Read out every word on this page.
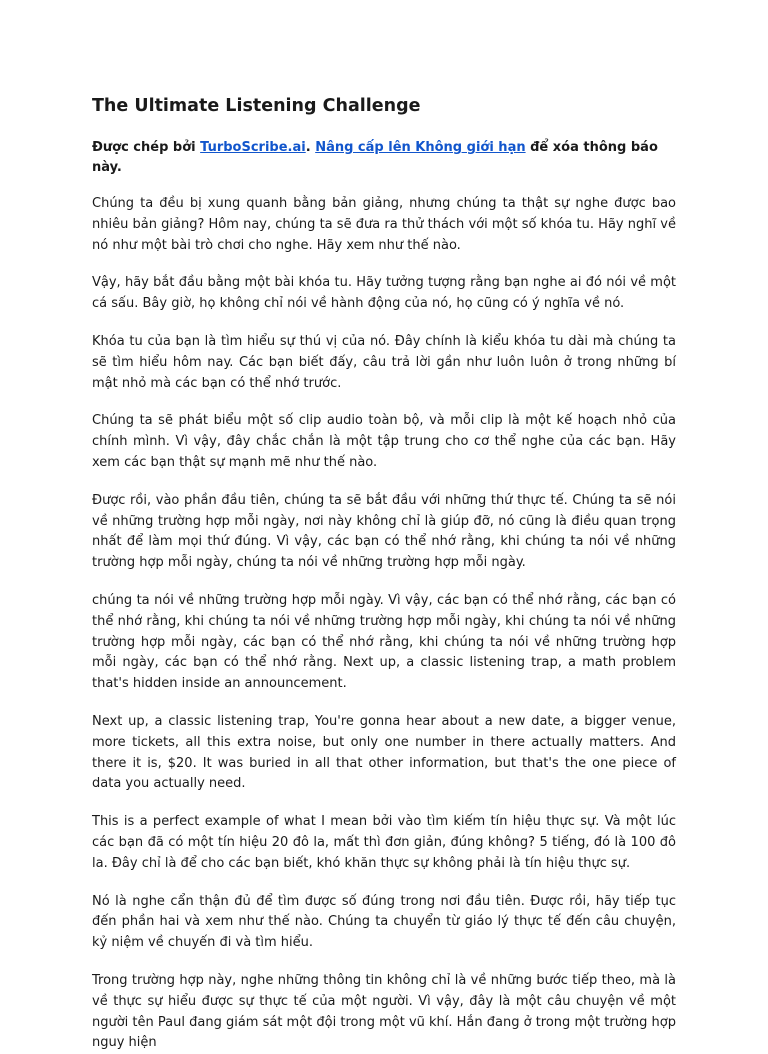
The Ultimate Listening Challenge

Được chép bởi TurboScribe.ai. Nâng cấp lên Không giới hạn để xóa thông báo này.

Chúng ta đều bị xung quanh bằng bản giảng, nhưng chúng ta thật sự nghe được bao nhiêu bản giảng? Hôm nay, chúng ta sẽ đưa ra thử thách với một số khóa tu. Hãy nghĩ về nó như một bài trò chơi cho nghe. Hãy xem như thế nào.

Vậy, hãy bắt đầu bằng một bài khóa tu. Hãy tưởng tượng rằng bạn nghe ai đó nói về một cá sấu. Bây giờ, họ không chỉ nói về hành động của nó, họ cũng có ý nghĩa về nó.

Khóa tu của bạn là tìm hiểu sự thú vị của nó. Đây chính là kiểu khóa tu dài mà chúng ta sẽ tìm hiểu hôm nay. Các bạn biết đấy, câu trả lời gần như luôn luôn ở trong những bí mật nhỏ mà các bạn có thể nhớ trước.

Chúng ta sẽ phát biểu một số clip audio toàn bộ, và mỗi clip là một kế hoạch nhỏ của chính mình. Vì vậy, đây chắc chắn là một tập trung cho cơ thể nghe của các bạn. Hãy xem các bạn thật sự mạnh mẽ như thế nào.

Được rồi, vào phần đầu tiên, chúng ta sẽ bắt đầu với những thứ thực tế. Chúng ta sẽ nói về những trường hợp mỗi ngày, nơi này không chỉ là giúp đỡ, nó cũng là điều quan trọng nhất để làm mọi thứ đúng. Vì vậy, các bạn có thể nhớ rằng, khi chúng ta nói về những trường hợp mỗi ngày, chúng ta nói về những trường hợp mỗi ngày.

chúng ta nói về những trường hợp mỗi ngày. Vì vậy, các bạn có thể nhớ rằng, các bạn có thể nhớ rằng, khi chúng ta nói về những trường hợp mỗi ngày, khi chúng ta nói về những trường hợp mỗi ngày, các bạn có thể nhớ rằng, khi chúng ta nói về những trường hợp mỗi ngày, các bạn có thể nhớ rằng. Next up, a classic listening trap, a math problem that's hidden inside an announcement.

Next up, a classic listening trap, You're gonna hear about a new date, a bigger venue, more tickets, all this extra noise, but only one number in there actually matters. And there it is, $20. It was buried in all that other information, but that's the one piece of data you actually need.

This is a perfect example of what I mean bởi vào tìm kiếm tín hiệu thực sự. Và một lúc các bạn đã có một tín hiệu 20 đô la, mất thì đơn giản, đúng không? 5 tiếng, đó là 100 đô la. Đây chỉ là để cho các bạn biết, khó khăn thực sự không phải là tín hiệu thực sự.

Nó là nghe cẩn thận đủ để tìm được số đúng trong nơi đầu tiên. Được rồi, hãy tiếp tục đến phần hai và xem như thế nào. Chúng ta chuyển từ giáo lý thực tế đến câu chuyện, kỷ niệm về chuyến đi và tìm hiểu.

Trong trường hợp này, nghe những thông tin không chỉ là về những bước tiếp theo, mà là về thực sự hiểu được sự thực tế của một người. Vì vậy, đây là một câu chuyện về một người tên Paul đang giám sát một đội trong một vũ khí. Hắn đang ở trong một trường hợp nguy hiện
